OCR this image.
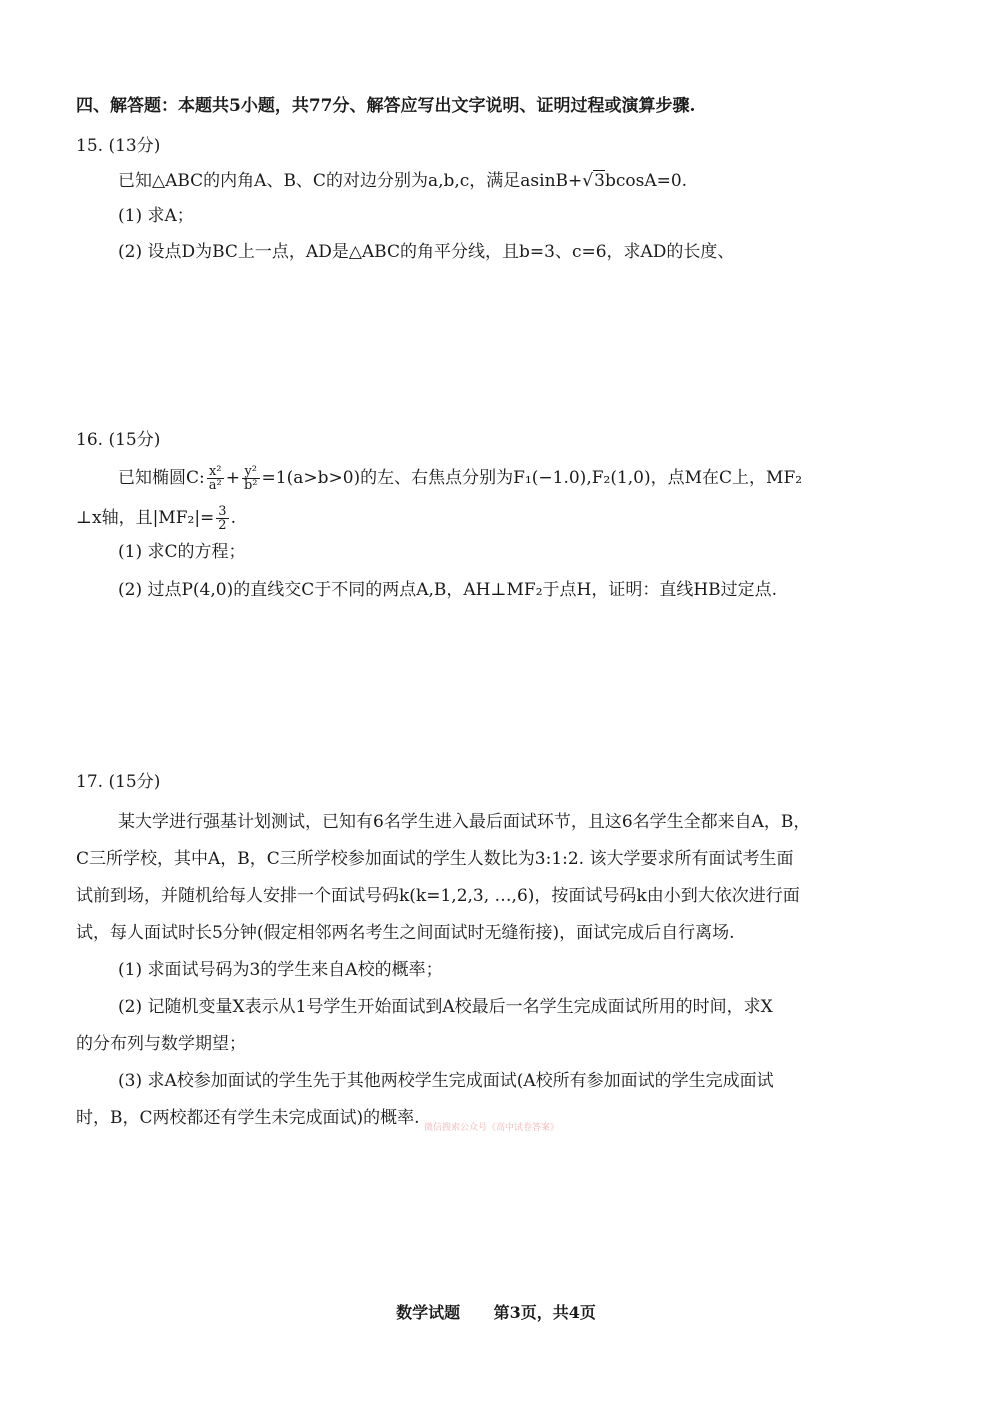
四、解答题：本题共5小题，共77分、解答应写出文字说明、证明过程或演算步骤.
15. (13分)
已知△ABC的内角A、B、C的对边分别为a,b,c，满足asinB+√3bcosA=0.
(1) 求A；
(2) 设点D为BC上一点，AD是△ABC的角平分线，且b=3、c=6，求AD的长度、
16. (15分)
已知椭圆C: $\frac{\text{x²}}{\text{a²}} + \frac{\text{y²}}{\text{b²}} =1(a>b>0)$的左、右焦点分别为F₁(−1.0),F₂(1,0)，点M在C上，MF₂
⊥x轴，且$|MF_2|= \frac{3}{2}$ .
(1) 求C的方程；
(2) 过点P(4,0)的直线交C于不同的两点A,B，AH⊥MF₂于点H，证明：直线HB过定点.
17. (15分)
某大学进行强基计划测试，已知有6名学生进入最后面试环节，且这6名学生全都来自A，B，
C三所学校，其中A，B，C三所学校参加面试的学生人数比为3:1:2. 该大学要求所有面试考生面
试前到场，并随机给每人安排一个面试号码k(k=1,2,3, …,6)，按面试号码k由小到大依次进行面
试，每人面试时长5分钟(假定相邻两名考生之间面试时无缝衔接)，面试完成后自行离场.
(1) 求面试号码为3的学生来自A校的概率；
(2) 记随机变量X表示从1号学生开始面试到A校最后一名学生完成面试所用的时间，求X
的分布列与数学期望；
(3) 求A校参加面试的学生先于其他两校学生完成面试(A校所有参加面试的学生完成面试
时，B，C两校都还有学生未完成面试)的概率. 微信搜索公众号《高中试卷答案》
数学试题 第3页，共4页
